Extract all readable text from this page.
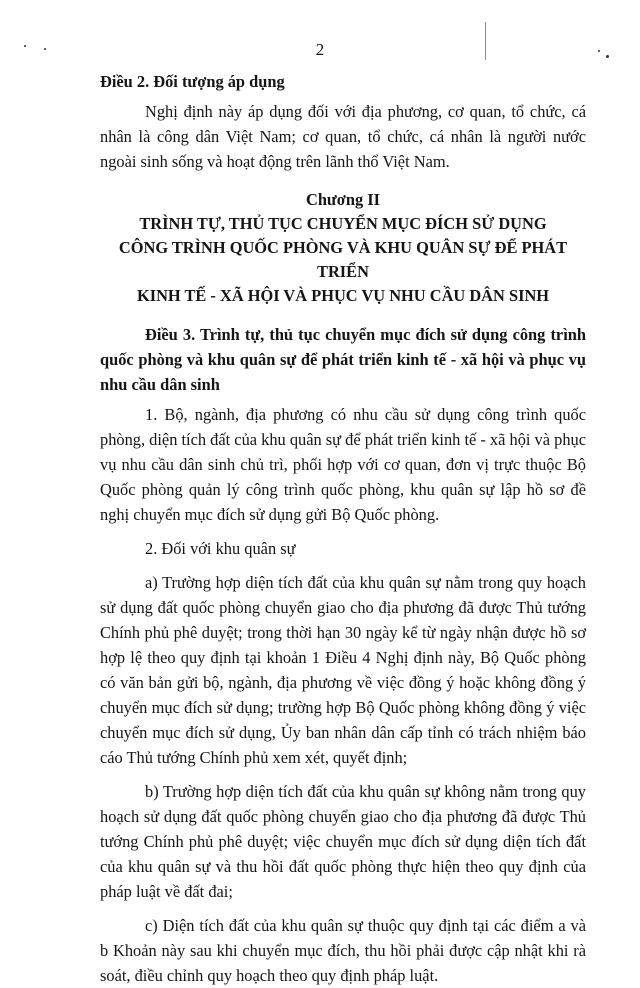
2

Điều 2. Đối tượng áp dụng

Nghị định này áp dụng đối với địa phương, cơ quan, tổ chức, cá nhân là công dân Việt Nam; cơ quan, tổ chức, cá nhân là người nước ngoài sinh sống và hoạt động trên lãnh thổ Việt Nam.

Chương II
TRÌNH TỰ, THỦ TỤC CHUYỂN MỤC ĐÍCH SỬ DỤNG
CÔNG TRÌNH QUỐC PHÒNG VÀ KHU QUÂN SỰ ĐỂ PHÁT TRIỂN
KINH TẾ - XÃ HỘI VÀ PHỤC VỤ NHU CẦU DÂN SINH

Điều 3. Trình tự, thủ tục chuyển mục đích sử dụng công trình quốc phòng và khu quân sự để phát triển kinh tế - xã hội và phục vụ nhu cầu dân sinh

1. Bộ, ngành, địa phương có nhu cầu sử dụng công trình quốc phòng, diện tích đất của khu quân sự để phát triển kinh tế - xã hội và phục vụ nhu cầu dân sinh chủ trì, phối hợp với cơ quan, đơn vị trực thuộc Bộ Quốc phòng quản lý công trình quốc phòng, khu quân sự lập hồ sơ đề nghị chuyển mục đích sử dụng gửi Bộ Quốc phòng.

2. Đối với khu quân sự

a) Trường hợp diện tích đất của khu quân sự nằm trong quy hoạch sử dụng đất quốc phòng chuyển giao cho địa phương đã được Thủ tướng Chính phủ phê duyệt; trong thời hạn 30 ngày kể từ ngày nhận được hồ sơ hợp lệ theo quy định tại khoản 1 Điều 4 Nghị định này, Bộ Quốc phòng có văn bản gửi bộ, ngành, địa phương về việc đồng ý hoặc không đồng ý chuyển mục đích sử dụng; trường hợp Bộ Quốc phòng không đồng ý việc chuyển mục đích sử dụng, Ủy ban nhân dân cấp tỉnh có trách nhiệm báo cáo Thủ tướng Chính phủ xem xét, quyết định;

b) Trường hợp diện tích đất của khu quân sự không nằm trong quy hoạch sử dụng đất quốc phòng chuyển giao cho địa phương đã được Thủ tướng Chính phủ phê duyệt; việc chuyển mục đích sử dụng diện tích đất của khu quân sự và thu hồi đất quốc phòng thực hiện theo quy định của pháp luật về đất đai;

c) Diện tích đất của khu quân sự thuộc quy định tại các điểm a và b Khoản này sau khi chuyển mục đích, thu hồi phải được cập nhật khi rà soát, điều chỉnh quy hoạch theo quy định pháp luật.
